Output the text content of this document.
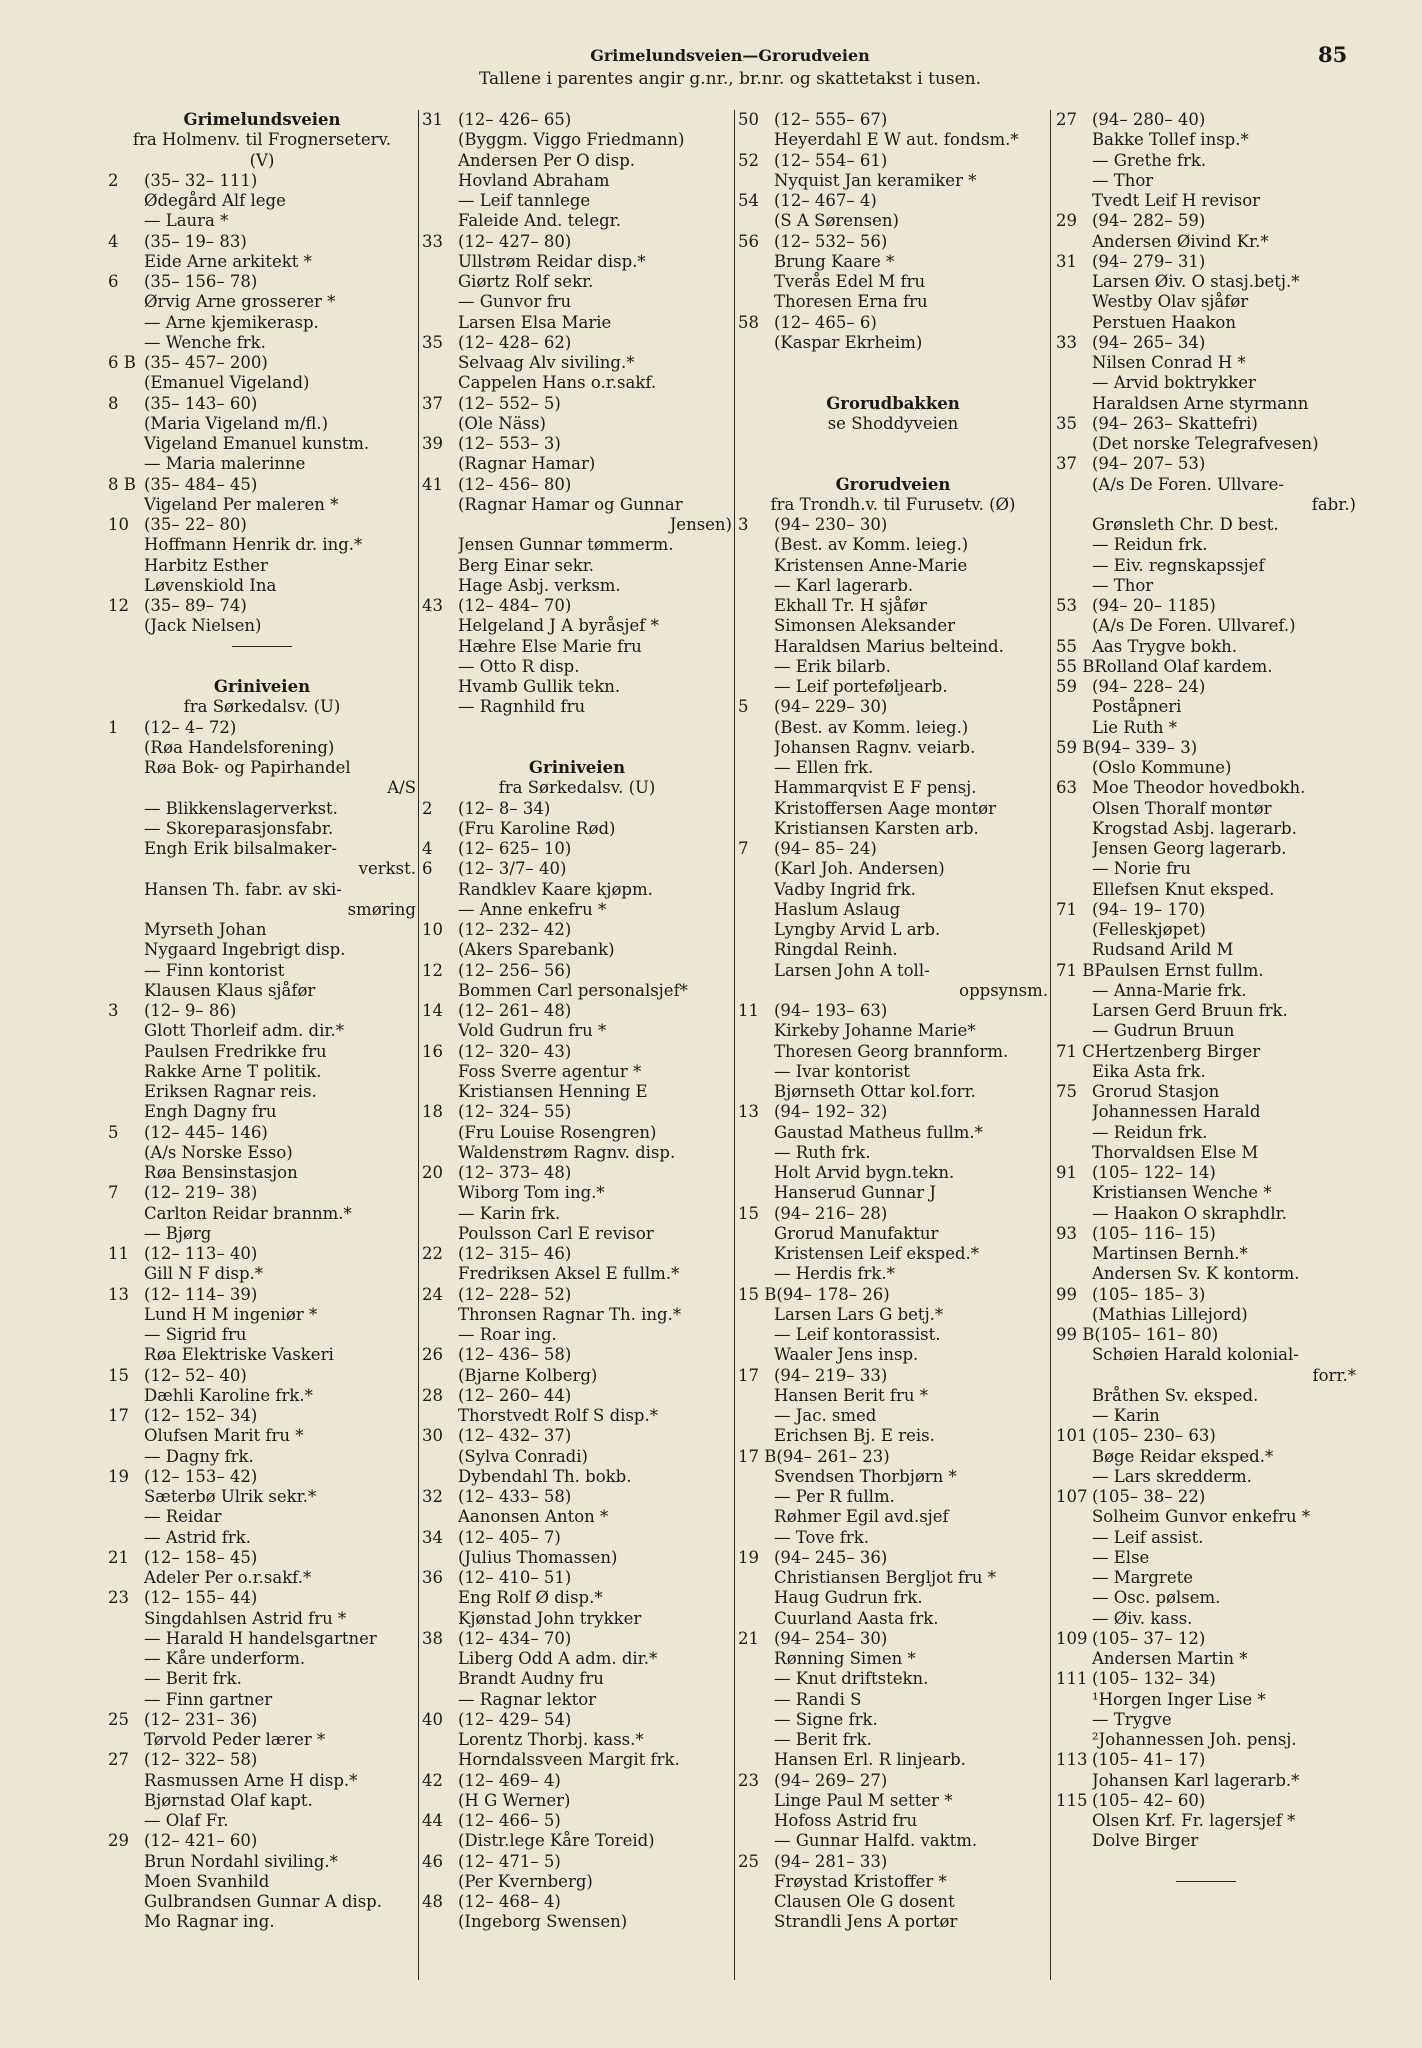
Grimelundsveien—Grorudveien
Tallene i parentes angir g.nr., br.nr. og skattetakst i tusen.
85
Grimelundsveien
fra Holmenv. til Frognerseterv.
(V)
2	(35– 32– 111)
Ødegård Alf lege
— Laura *
4	(35– 19– 83)
Eide Arne arkitekt *
6	(35– 156– 78)
Ørvig Arne grosserer *
— Arne kjemikerasp.
— Wenche frk.
6 B (35– 457– 200)
(Emanuel Vigeland)
8	(35– 143– 60)
(Maria Vigeland m/fl.)
Vigeland Emanuel kunstm.
— Maria malerinne
8 B (35– 484– 45)
Vigeland Per maleren *
10 (35– 22– 80)
Hoffmann Henrik dr. ing.*
Harbitz Esther
Løvenskiold Ina
12 (35– 89– 74)
(Jack Nielsen)
Griniveien
fra Sørkedalsv. (U)
1	(12– 4– 72)
(Røa Handelsforening)
Røa Bok- og Papirhandel
A/S
— Blikkenslagerverkst.
— Skoreparasjonsfabr.
Engh Erik bilsalmaker-
verkst.
Hansen Th. fabr. av ski-
smøring
Myrseth Johan
Nygaard Ingebrigt disp.
— Finn kontorist
Klausen Klaus sjåfør
3	(12– 9– 86)
Glott Thorleif adm. dir.*
Paulsen Fredrikke fru
Rakke Arne T politik.
Eriksen Ragnar reis.
Engh Dagny fru
5	(12– 445– 146)
(A/s Norske Esso)
Røa Bensinstasjon
7	(12– 219– 38)
Carlton Reidar brannm.*
— Bjørg
11 (12– 113– 40)
Gill N F disp.*
13 (12– 114– 39)
Lund H M ingeniør *
— Sigrid fru
Røa Elektriske Vaskeri
15 (12– 52– 40)
Dæhli Karoline frk.*
17 (12– 152– 34)
Olufsen Marit fru *
— Dagny frk.
19 (12– 153– 42)
Sæterbø Ulrik sekr.*
— Reidar
— Astrid frk.
21 (12– 158– 45)
Adeler Per o.r.sakf.*
23 (12– 155– 44)
Singdahlsen Astrid fru *
— Harald H handelsgartner
— Kåre underform.
— Berit frk.
— Finn gartner
25 (12– 231– 36)
Tørvold Peder lærer *
27 (12– 322– 58)
Rasmussen Arne H disp.*
Bjørnstad Olaf kapt.
— Olaf Fr.
29 (12– 421– 60)
Brun Nordahl siviling.*
Moen Svanhild
Gulbrandsen Gunnar A disp.
Mo Ragnar ing.
31 (12– 426– 65)
(Byggm. Viggo Friedmann)
Andersen Per O disp.
Hovland Abraham
— Leif tannlege
Faleide And. telegr.
33 (12– 427– 80)
Ullstrøm Reidar disp.*
Giørtz Rolf sekr.
— Gunvor fru
Larsen Elsa Marie
35 (12– 428– 62)
Selvaag Alv siviling.*
Cappelen Hans o.r.sakf.
37 (12– 552– 5)
(Ole Näss)
39 (12– 553– 3)
(Ragnar Hamar)
41 (12– 456– 80)
(Ragnar Hamar og Gunnar
Jensen)
Jensen Gunnar tømmerm.
Berg Einar sekr.
Hage Asbj. verksm.
43 (12– 484– 70)
Helgeland J A byråsjef *
Hæhre Else Marie fru
— Otto R disp.
Hvamb Gullik tekn.
— Ragnhild fru
Griniveien
fra Sørkedalsv. (U)
2	(12– 8– 34)
(Fru Karoline Rød)
4	(12– 625– 10)
6	(12– 3/7– 40)
Randklev Kaare kjøpm.
— Anne enkefru *
10 (12– 232– 42)
(Akers Sparebank)
12 (12– 256– 56)
Bommen Carl personalsjef*
14 (12– 261– 48)
Vold Gudrun fru *
16 (12– 320– 43)
Foss Sverre agentur *
Kristiansen Henning E
18 (12– 324– 55)
(Fru Louise Rosengren)
Waldenstrøm Ragnv. disp.
20 (12– 373– 48)
Wiborg Tom ing.*
— Karin frk.
Poulsson Carl E revisor
22 (12– 315– 46)
Fredriksen Aksel E fullm.*
24 (12– 228– 52)
Thronsen Ragnar Th. ing.*
— Roar ing.
26 (12– 436– 58)
(Bjarne Kolberg)
28 (12– 260– 44)
Thorstvedt Rolf S disp.*
30 (12– 432– 37)
(Sylva Conradi)
Dybendahl Th. bokb.
32 (12– 433– 58)
Aanonsen Anton *
34 (12– 405– 7)
(Julius Thomassen)
36 (12– 410– 51)
Eng Rolf Ø disp.*
Kjønstad John trykker
38 (12– 434– 70)
Liberg Odd A adm. dir.*
Brandt Audny fru
— Ragnar lektor
40 (12– 429– 54)
Lorentz Thorbj. kass.*
Horndalssveen Margit frk.
42 (12– 469– 4)
(H G Werner)
44 (12– 466– 5)
(Distr.lege Kåre Toreid)
46 (12– 471– 5)
(Per Kvernberg)
48 (12– 468– 4)
(Ingeborg Swensen)
50 (12– 555– 67)
Heyerdahl E W aut. fondsm.*
52 (12– 554– 61)
Nyquist Jan keramiker *
54 (12– 467– 4)
(S A Sørensen)
56 (12– 532– 56)
Brung Kaare *
Tverås Edel M fru
Thoresen Erna fru
58 (12– 465– 6)
(Kaspar Ekrheim)
Grorudbakken
se Shoddyveien
Grorudveien
fra Trondh.v. til Furusetv. (Ø)
3	(94– 230– 30)
(Best. av Komm. leieg.)
Kristensen Anne-Marie
— Karl lagerarb.
Ekhall Tr. H sjåfør
Simonsen Aleksander
Haraldsen Marius belteind.
— Erik bilarb.
— Leif porteføljearb.
5	(94– 229– 30)
(Best. av Komm. leieg.)
Johansen Ragnv. veiarb.
— Ellen frk.
Hammarqvist E F pensj.
Kristoffersen Aage montør
Kristiansen Karsten arb.
7	(94– 85– 24)
(Karl Joh. Andersen)
Vadby Ingrid frk.
Haslum Aslaug
Lyngby Arvid L arb.
Ringdal Reinh.
Larsen John A toll-
oppsynsm.
11 (94– 193– 63)
Kirkeby Johanne Marie*
Thoresen Georg brannform.
— Ivar kontorist
Bjørnseth Ottar kol.forr.
13 (94– 192– 32)
Gaustad Matheus fullm.*
— Ruth frk.
Holt Arvid bygn.tekn.
Hanserud Gunnar J
15 (94– 216– 28)
Grorud Manufaktur
Kristensen Leif eksped.*
— Herdis frk.*
15 B (94– 178– 26)
Larsen Lars G betj.*
— Leif kontorassist.
Waaler Jens insp.
17 (94– 219– 33)
Hansen Berit fru *
— Jac. smed
Erichsen Bj. E reis.
17 B (94– 261– 23)
Svendsen Thorbjørn *
— Per R fullm.
Røhmer Egil avd.sjef
— Tove frk.
19 (94– 245– 36)
Christiansen Bergljot fru *
Haug Gudrun frk.
Cuurland Aasta frk.
21 (94– 254– 30)
Rønning Simen *
— Knut driftstekn.
— Randi S
— Signe frk.
— Berit frk.
Hansen Erl. R linjearb.
23 (94– 269– 27)
Linge Paul M setter *
Hofoss Astrid fru
— Gunnar Halfd. vaktm.
25 (94– 281– 33)
Frøystad Kristoffer *
Clausen Ole G dosent
Strandli Jens A portør
27 (94– 280– 40)
Bakke Tollef insp.*
— Grethe frk.
— Thor
Tvedt Leif H revisor
29 (94– 282– 59)
Andersen Øivind Kr.*
31 (94– 279– 31)
Larsen Øiv. O stasj.betj.*
Westby Olav sjåfør
Perstuen Haakon
33 (94– 265– 34)
Nilsen Conrad H *
— Arvid boktrykker
Haraldsen Arne styrmann
35 (94– 263– Skattefri)
(Det norske Telegrafvesen)
37 (94– 207– 53)
(A/s De Foren. Ullvare-
fabr.)
Grønsleth Chr. D best.
— Reidun frk.
— Eiv. regnskapssjef
— Thor
53 (94– 20– 1185)
(A/s De Foren. Ullvaref.)
55 Aas Trygve bokh.
55 B Rolland Olaf kardem.
59 (94– 228– 24)
Poståpneri
Lie Ruth *
59 B (94– 339– 3)
(Oslo Kommune)
63 Moe Theodor hovedbokh.
Olsen Thoralf montør
Krogstad Asbj. lagerarb.
Jensen Georg lagerarb.
— Norie fru
Ellefsen Knut eksped.
71 (94– 19– 170)
(Felleskjøpet)
Rudsand Arild M
71 B Paulsen Ernst fullm.
— Anna-Marie frk.
Larsen Gerd Bruun frk.
— Gudrun Bruun
71 C Hertzenberg Birger
Eika Asta frk.
75 Grorud Stasjon
Johannessen Harald
— Reidun frk.
Thorvaldsen Else M
91 (105– 122– 14)
Kristiansen Wenche *
— Haakon O skraphdlr.
93 (105– 116– 15)
Martinsen Bernh.*
Andersen Sv. K kontorm.
99 (105– 185– 3)
(Mathias Lillejord)
99 B (105– 161– 80)
Schøien Harald kolonial-
forr.*
Bråthen Sv. eksped.
— Karin
101 (105– 230– 63)
Bøge Reidar eksped.*
— Lars skredderm.
107 (105– 38– 22)
Solheim Gunvor enkefru *
— Leif assist.
— Else
— Margrete
— Osc. pølsem.
— Øiv. kass.
109 (105– 37– 12)
Andersen Martin *
111 (105– 132– 34)
¹Horgen Inger Lise *
— Trygve
²Johannessen Joh. pensj.
113 (105– 41– 17)
Johansen Karl lagerarb.*
115 (105– 42– 60)
Olsen Krf. Fr. lagersjef *
Dolve Birger
